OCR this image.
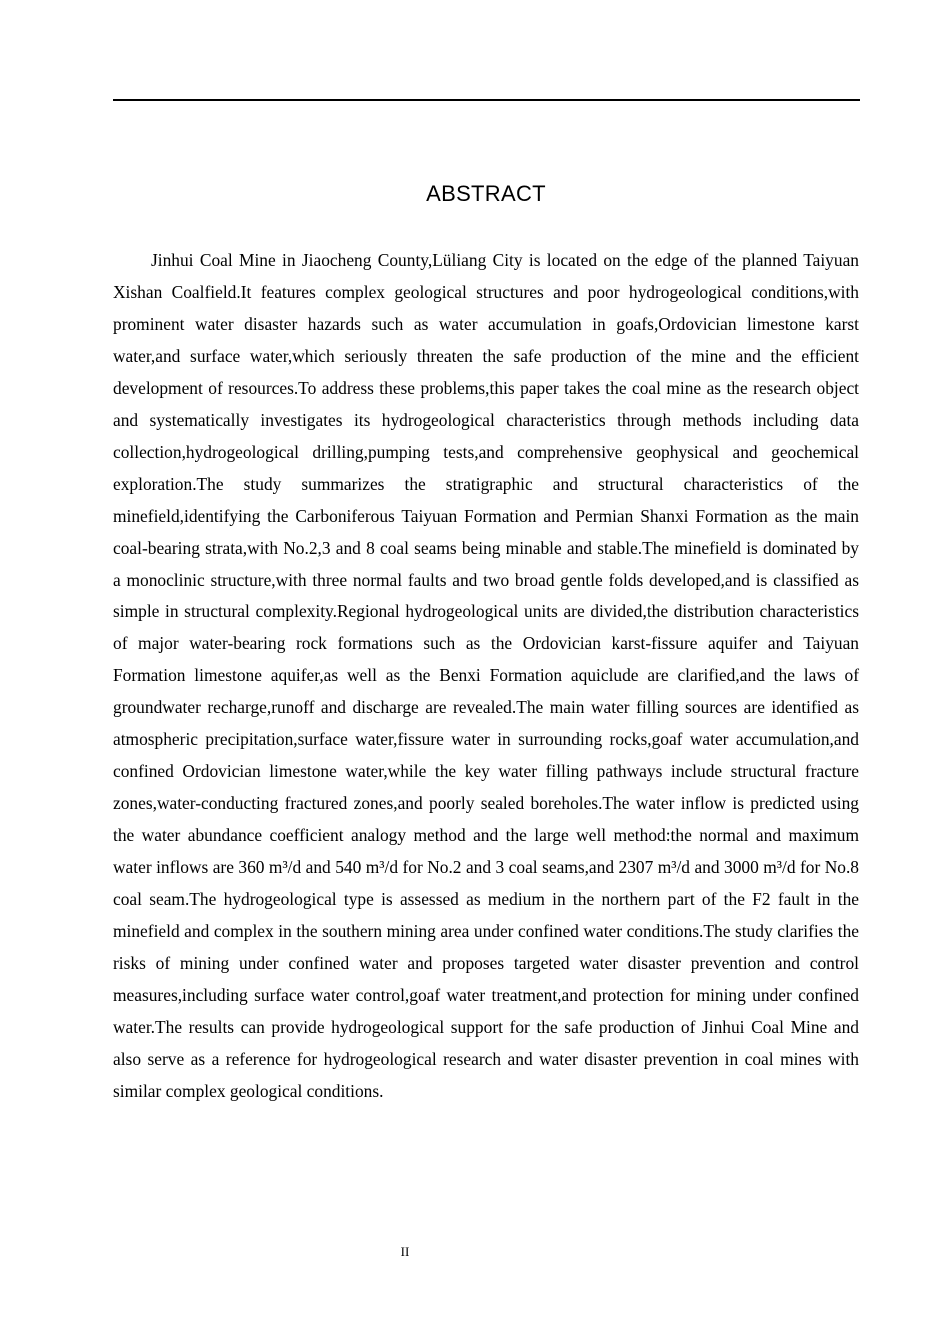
ABSTRACT

Jinhui Coal Mine in Jiaocheng County,Lüliang City is located on the edge of the planned Taiyuan Xishan Coalfield.It features complex geological structures and poor hydrogeological conditions,with prominent water disaster hazards such as water accumulation in goafs,Ordovician limestone karst water,and surface water,which seriously threaten the safe production of the mine and the efficient development of resources.To address these problems,this paper takes the coal mine as the research object and systematically investigates its hydrogeological characteristics through methods including data collection,hydrogeological drilling,pumping tests,and comprehensive geophysical and geochemical exploration.The study summarizes the stratigraphic and structural characteristics of the minefield,identifying the Carboniferous Taiyuan Formation and Permian Shanxi Formation as the main coal-bearing strata,with No.2,3 and 8 coal seams being minable and stable.The minefield is dominated by a monoclinic structure,with three normal faults and two broad gentle folds developed,and is classified as simple in structural complexity.Regional hydrogeological units are divided,the distribution characteristics of major water-bearing rock formations such as the Ordovician karst-fissure aquifer and Taiyuan Formation limestone aquifer,as well as the Benxi Formation aquiclude are clarified,and the laws of groundwater recharge,runoff and discharge are revealed.The main water filling sources are identified as atmospheric precipitation,surface water,fissure water in surrounding rocks,goaf water accumulation,and confined Ordovician limestone water,while the key water filling pathways include structural fracture zones,water-conducting fractured zones,and poorly sealed boreholes.The water inflow is predicted using the water abundance coefficient analogy method and the large well method:the normal and maximum water inflows are 360 m³/d and 540 m³/d for No.2 and 3 coal seams,and 2307 m³/d and 3000 m³/d for No.8 coal seam.The hydrogeological type is assessed as medium in the northern part of the F2 fault in the minefield and complex in the southern mining area under confined water conditions.The study clarifies the risks of mining under confined water and proposes targeted water disaster prevention and control measures,including surface water control,goaf water treatment,and protection for mining under confined water.The results can provide hydrogeological support for the safe production of Jinhui Coal Mine and also serve as a reference for hydrogeological research and water disaster prevention in coal mines with similar complex geological conditions.

II
